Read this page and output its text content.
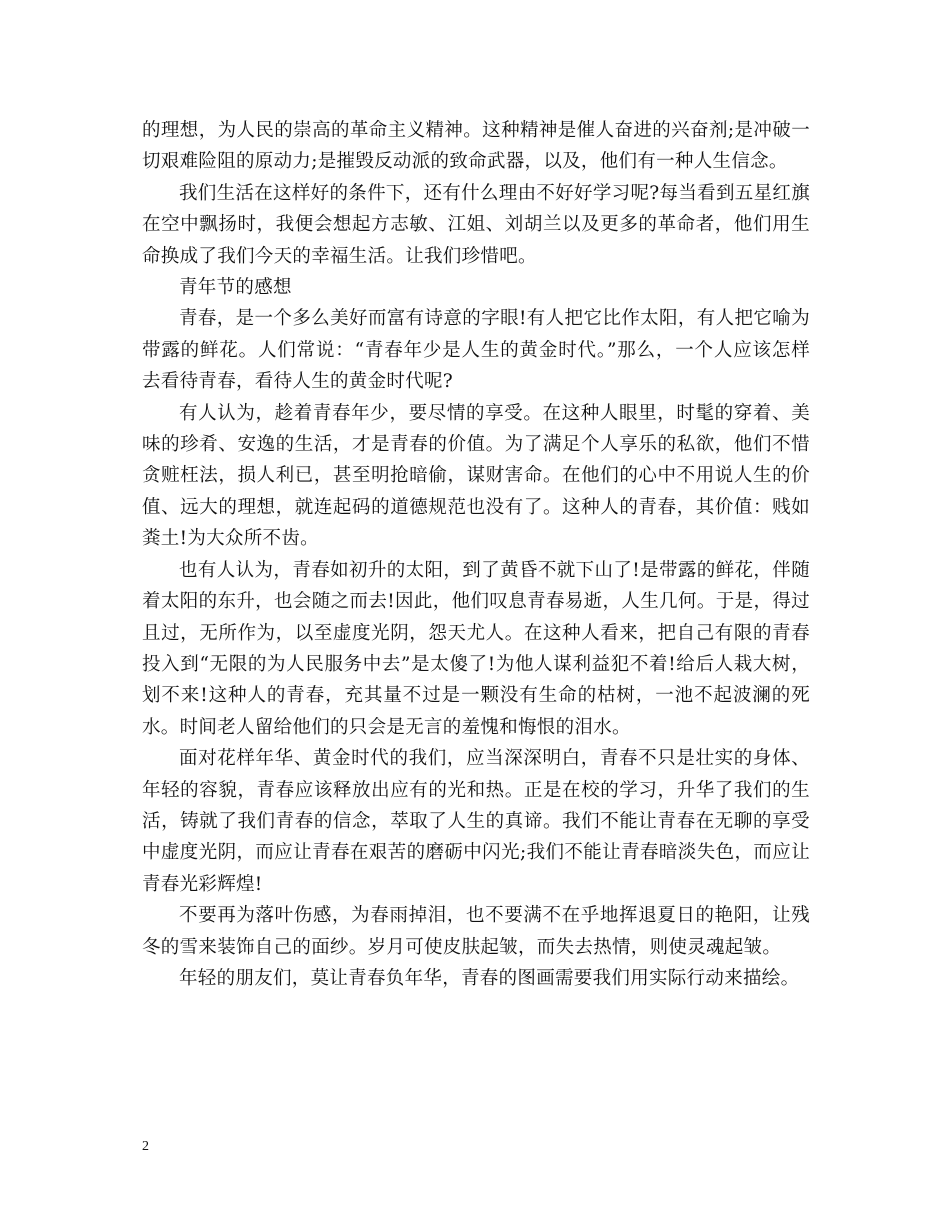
的理想，为人民的崇高的革命主义精神。这种精神是催人奋进的兴奋剂;是冲破一切艰难险阻的原动力;是摧毁反动派的致命武器，以及，他们有一种人生信念。

我们生活在这样好的条件下，还有什么理由不好好学习呢?每当看到五星红旗在空中飘扬时，我便会想起方志敏、江姐、刘胡兰以及更多的革命者，他们用生命换成了我们今天的幸福生活。让我们珍惜吧。

青年节的感想

青春，是一个多么美好而富有诗意的字眼!有人把它比作太阳，有人把它喻为带露的鲜花。人们常说：“青春年少是人生的黄金时代。”那么，一个人应该怎样去看待青春，看待人生的黄金时代呢?

有人认为，趁着青春年少，要尽情的享受。在这种人眼里，时髦的穿着、美味的珍肴、安逸的生活，才是青春的价值。为了满足个人享乐的私欲，他们不惜贪赃枉法，损人利已，甚至明抢暗偷，谋财害命。在他们的心中不用说人生的价值、远大的理想，就连起码的道德规范也没有了。这种人的青春，其价值：贱如粪土!为大众所不齿。

也有人认为，青春如初升的太阳，到了黄昏不就下山了!是带露的鲜花，伴随着太阳的东升，也会随之而去!因此，他们叹息青春易逝，人生几何。于是，得过且过，无所作为，以至虚度光阴，怨天尤人。在这种人看来，把自己有限的青春投入到“无限的为人民服务中去”是太傻了!为他人谋利益犯不着!给后人栽大树，划不来!这种人的青春，充其量不过是一颗没有生命的枯树，一池不起波澜的死水。时间老人留给他们的只会是无言的羞愧和悔恨的泪水。

面对花样年华、黄金时代的我们，应当深深明白，青春不只是壮实的身体、年轻的容貌，青春应该释放出应有的光和热。正是在校的学习，升华了我们的生活，铸就了我们青春的信念，萃取了人生的真谛。我们不能让青春在无聊的享受中虚度光阴，而应让青春在艰苦的磨砺中闪光;我们不能让青春暗淡失色，而应让青春光彩辉煌!

不要再为落叶伤感，为春雨掉泪，也不要满不在乎地挥退夏日的艳阳，让残冬的雪来装饰自己的面纱。岁月可使皮肤起皱，而失去热情，则使灵魂起皱。

年轻的朋友们，莫让青春负年华，青春的图画需要我们用实际行动来描绘。

2
